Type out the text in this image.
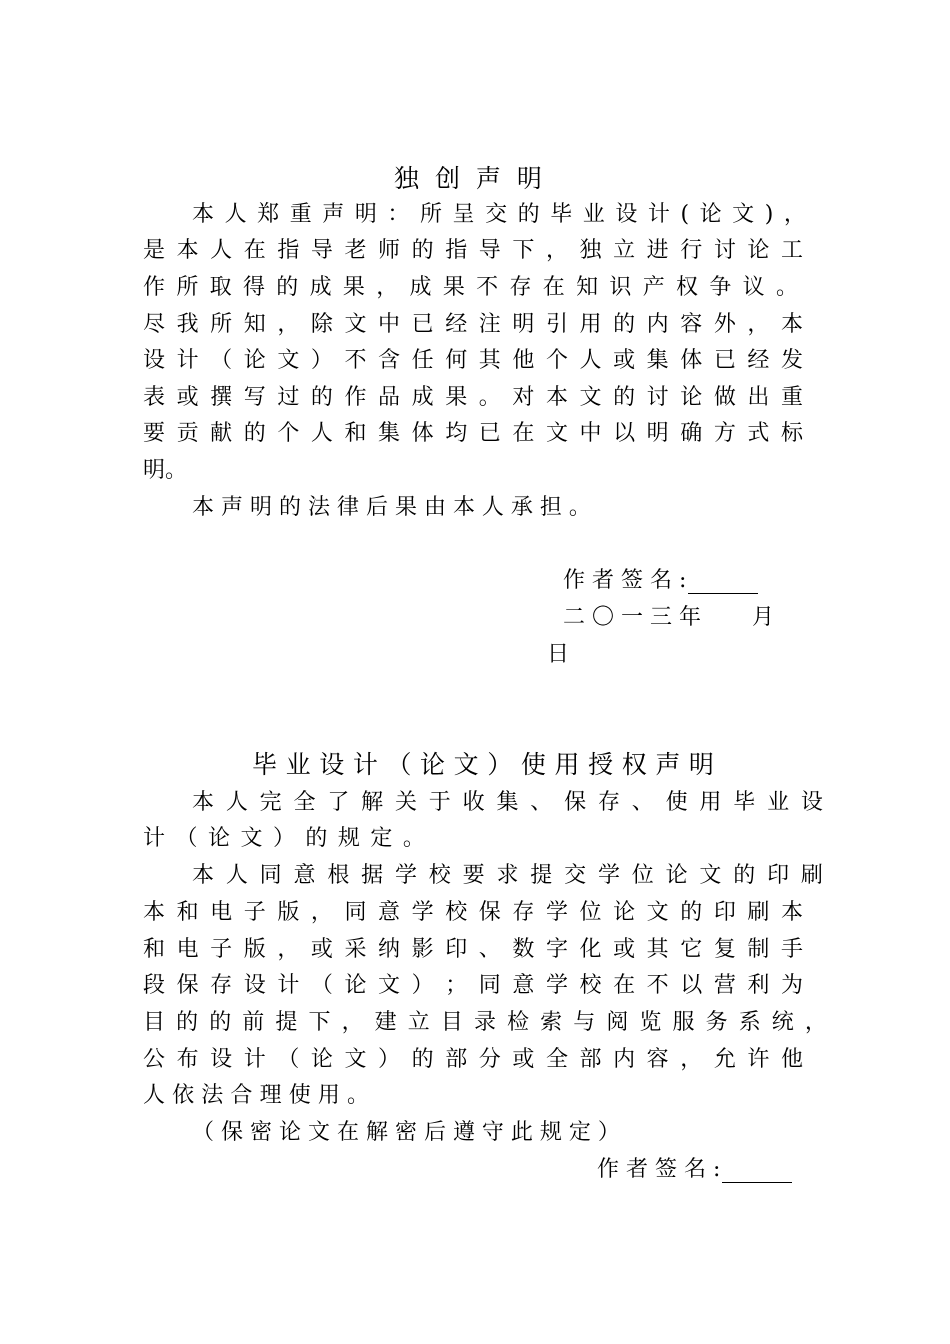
独 创 声 明
本 人 郑 重 声 明 ： 所 呈 交 的 毕 业 设 计 ( 论 文 ) ，
是 本 人 在 指 导 老 师 的 指 导 下 ， 独 立 进 行 讨 论 工
作 所 取 得 的 成 果 ， 成 果 不 存 在 知 识 产 权 争 议 。
尽 我 所 知 ， 除 文 中 已 经 注 明 引 用 的 内 容 外 ， 本
设 计 （ 论 文 ） 不 含 任 何 其 他 个 人 或 集 体 已 经 发
表 或 撰 写 过 的 作 品 成 果 。 对 本 文 的 讨 论 做 出 重
要 贡 献 的 个 人 和 集 体 均 已 在 文 中 以 明 确 方 式 标
明 。
本 声 明 的 法 律 后 果 由 本 人 承 担 。
作 者 签 名 :
二 〇 一 三 年　　 月
日
毕 业 设 计 （ 论 文 ） 使 用 授 权 声 明
本 人 完 全 了 解 关 于 收 集 、 保 存 、 使 用 毕 业 设
计 （ 论 文 ） 的 规 定 。
本 人 同 意 根 据 学 校 要 求 提 交 学 位 论 文 的 印 刷
本 和 电 子 版 ， 同 意 学 校 保 存 学 位 论 文 的 印 刷 本
和 电 子 版 ， 或 采 纳 影 印 、 数 字 化 或 其 它 复 制 手
段 保 存 设 计 （ 论 文 ） ； 同 意 学 校 在 不 以 营 利 为
目 的 的 前 提 下 ， 建 立 目 录 检 索 与 阅 览 服 务 系 统 ，
公 布 设 计 （ 论 文 ） 的 部 分 或 全 部 内 容 ， 允 许 他
人 依 法 合 理 使 用 。
（ 保 密 论 文 在 解 密 后 遵 守 此 规 定 ）
作 者 签 名 :
